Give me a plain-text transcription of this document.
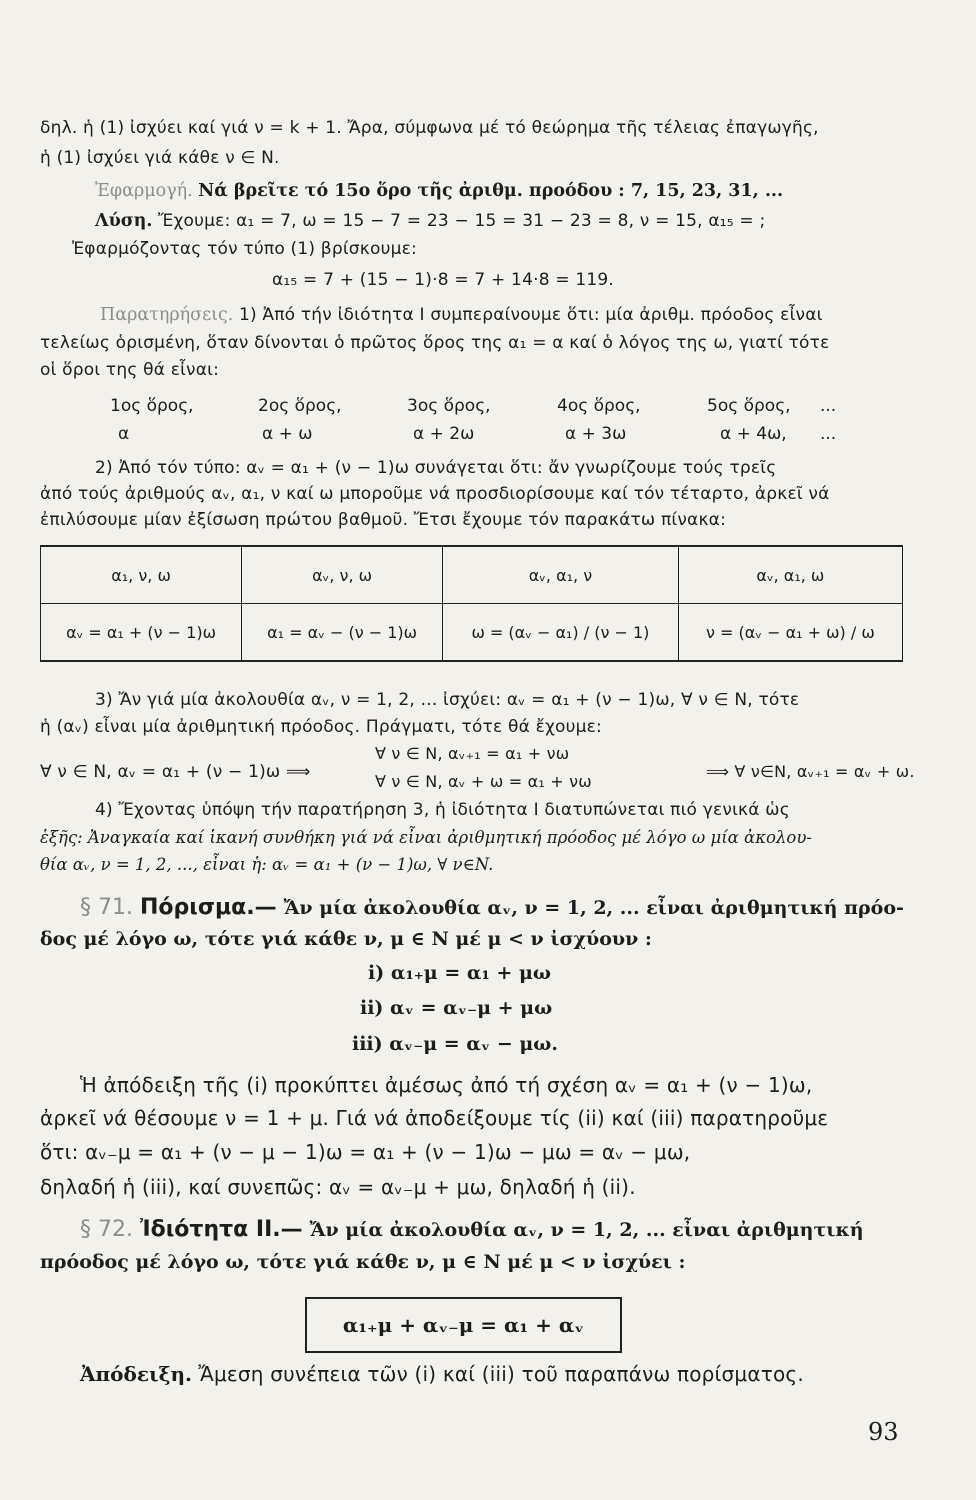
δηλ. ἡ (1) ἰσχύει καί γιά ν = k + 1. Ἄρα, σύμφωνα μέ τό θεώρημα τῆς τέλειας ἐπαγωγῆς,
ἡ (1) ἰσχύει γιά κάθε ν ∈ N.
Ἐφαρμογή. Νά βρεῖτε τό 15ο ὅρο τῆς ἀριθμ. προόδου : 7, 15, 23, 31, ...
Λύση. Ἔχουμε: α₁ = 7, ω = 15 − 7 = 23 − 15 = 31 − 23 = 8, ν = 15, α₁₅ = ;
Ἐφαρμόζοντας τόν τύπο (1) βρίσκουμε:
α₁₅ = 7 + (15 − 1)·8 = 7 + 14·8 = 119.
Παρατηρήσεις. 1) Ἀπό τήν ἰδιότητα I συμπεραίνουμε ὅτι: μία ἀριθμ. πρόοδος εἶναι
τελείως ὁρισμένη, ὅταν δίνονται ὁ πρῶτος ὅρος της α₁ = α καί ὁ λόγος της ω, γιατί τότε
οἱ ὅροι της θά εἶναι:
1ος ὅρος,	2ος ὅρος,	3ος ὅρος,	4ος ὅρος,	5ος ὅρος, ...
α	α + ω	α + 2ω	α + 3ω	α + 4ω, ...
2) Ἀπό τόν τύπο: αᵥ = α₁ + (ν − 1)ω συνάγεται ὅτι: ἄν γνωρίζουμε τούς τρεῖς
ἀπό τούς ἀριθμούς αᵥ, α₁, ν καί ω μποροῦμε νά προσδιορίσουμε καί τόν τέταρτο, ἀρκεῖ νά
ἐπιλύσουμε μίαν ἐξίσωση πρώτου βαθμοῦ. Ἔτσι ἔχουμε τόν παρακάτω πίνακα:
α₁, ν, ω	αᵥ, ν, ω	αᵥ, α₁, ν	αᵥ, α₁, ω
αᵥ = α₁ + (ν − 1)ω	α₁ = αᵥ − (ν − 1)ω	ω = (αᵥ − α₁) / (ν − 1)	ν = (αᵥ − α₁ + ω) / ω
3) Ἄν γιά μία ἀκολουθία αᵥ, ν = 1, 2, ... ἰσχύει: αᵥ = α₁ + (ν − 1)ω, ∀ ν ∈ N, τότε
ἡ (αᵥ) εἶναι μία ἀριθμητική πρόοδος. Πράγματι, τότε θά ἔχουμε:
∀ ν ∈ N, αᵥ = α₁ + (ν − 1)ω ⟹
∀ ν ∈ N, αᵥ₊₁ = α₁ + νω
∀ ν ∈ N, αᵥ + ω = α₁ + νω
⟹ ∀ ν∈N, αᵥ₊₁ = αᵥ + ω.
4) Ἔχοντας ὑπόψη τήν παρατήρηση 3, ἡ ἰδιότητα I διατυπώνεται πιό γενικά ὡς
ἑξῆς: Ἀναγκαία καί ἱκανή συνθήκη γιά νά εἶναι ἀριθμητική πρόοδος μέ λόγο ω μία ἀκολου-
θία αᵥ, ν = 1, 2, ..., εἶναι ἡ: αᵥ = α₁ + (ν − 1)ω, ∀ ν∈N.
§ 71. Πόρισμα.— Ἄν μία ἀκολουθία αᵥ, ν = 1, 2, ... εἶναι ἀριθμητική πρόο-
δος μέ λόγο ω, τότε γιά κάθε ν, μ ∈ N μέ μ < ν ἰσχύουν :
i) α₁₊μ = α₁ + μω
ii) αᵥ = αᵥ₋μ + μω
iii) αᵥ₋μ = αᵥ − μω.
Ἡ ἀπόδειξη τῆς (i) προκύπτει ἀμέσως ἀπό τή σχέση αᵥ = α₁ + (ν − 1)ω,
ἀρκεῖ νά θέσουμε ν = 1 + μ. Γιά νά ἀποδείξουμε τίς (ii) καί (iii) παρατηροῦμε
ὅτι: αᵥ₋μ = α₁ + (ν − μ − 1)ω = α₁ + (ν − 1)ω − μω = αᵥ − μω,
δηλαδή ἡ (iii), καί συνεπῶς: αᵥ = αᵥ₋μ + μω, δηλαδή ἡ (ii).
§ 72. Ἰδιότητα II.— Ἄν μία ἀκολουθία αᵥ, ν = 1, 2, ... εἶναι ἀριθμητική
πρόοδος μέ λόγο ω, τότε γιά κάθε ν, μ ∈ N μέ μ < ν ἰσχύει :
α₁₊μ + αᵥ₋μ = α₁ + αᵥ
Ἀπόδειξη. Ἄμεση συνέπεια τῶν (i) καί (iii) τοῦ παραπάνω πορίσματος.
93
